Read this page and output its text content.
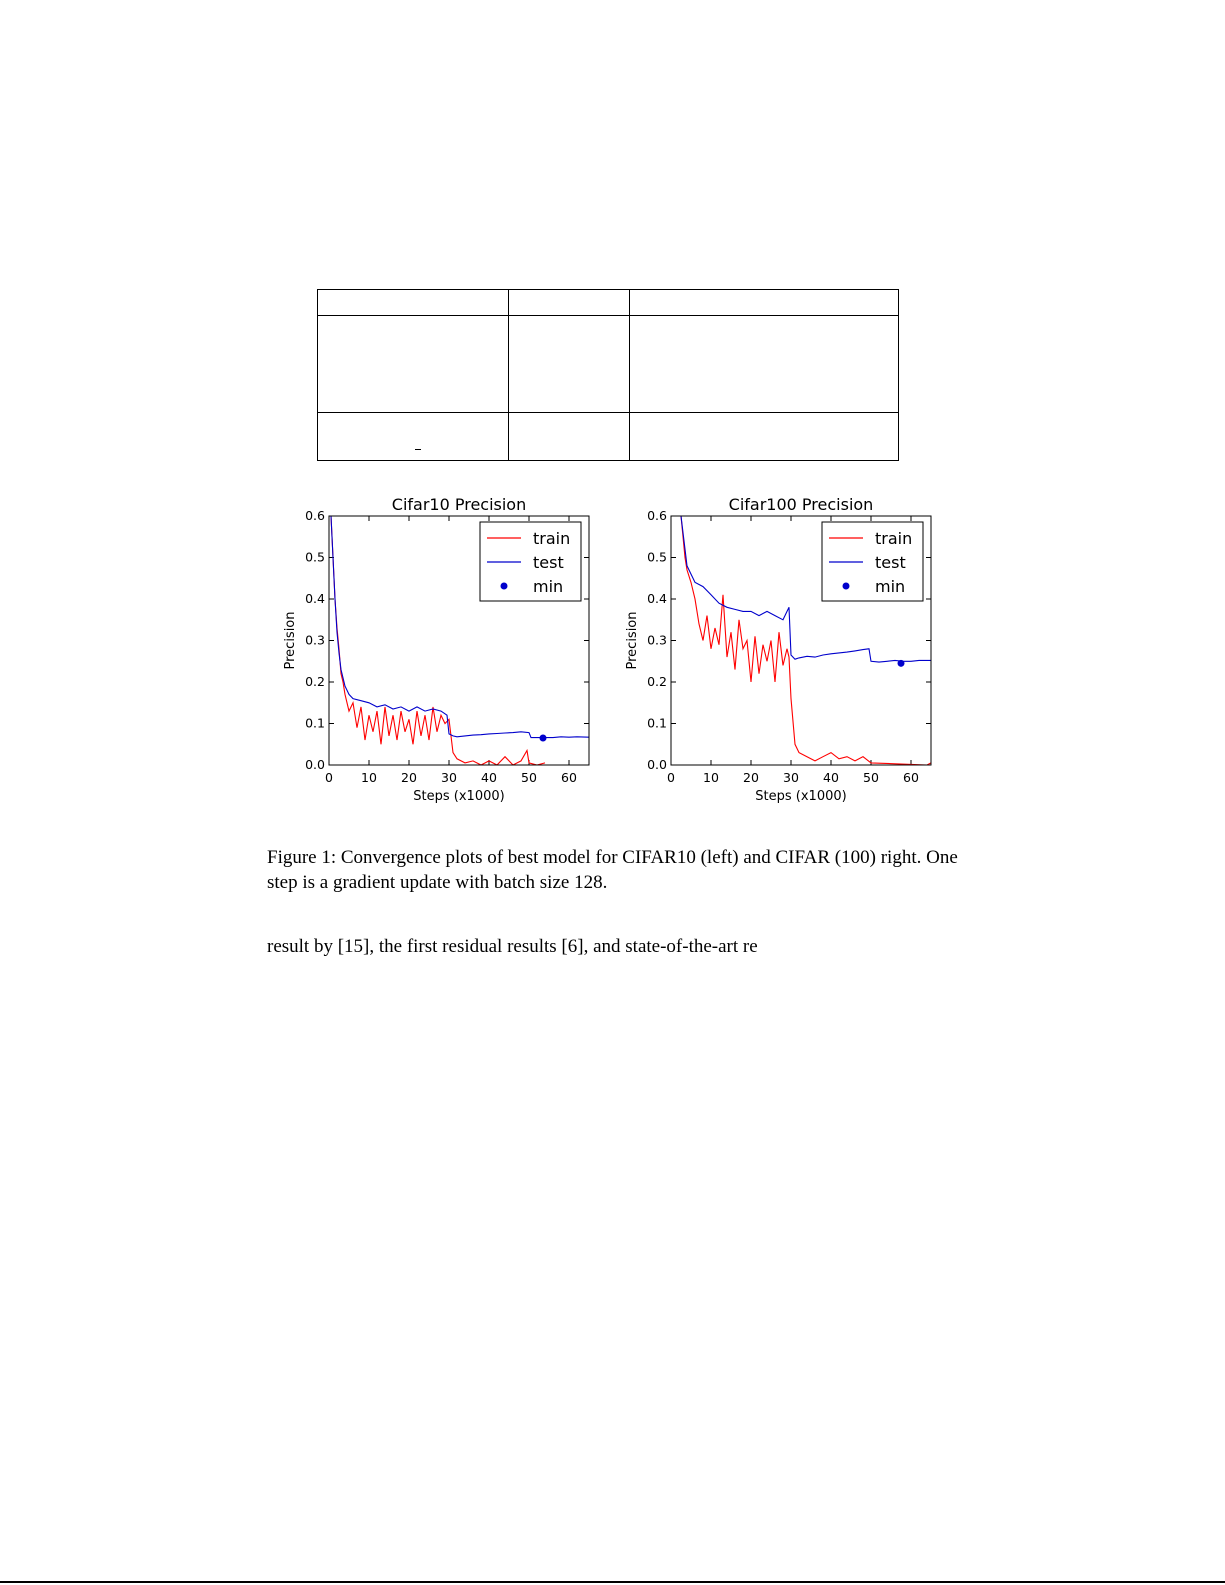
Cifar10 Precision
0 10 20 30 40 50 60
0.0
0.1
0.2
0.3
0.4
0.5
0.6
Steps (x1000)
Precision
train
test
min
Cifar100 Precision
0 10 20 30 40 50 60
0.0
0.1
0.2
0.3
0.4
0.5
0.6
Steps (x1000)
Precision
train
test
min
Figure 1: Convergence plots of best model for CIFAR10 (left) and CIFAR (100) right. One step is a gradient update with batch size 128.
result by [15], the first residual results [6], and state-of-the-art re
